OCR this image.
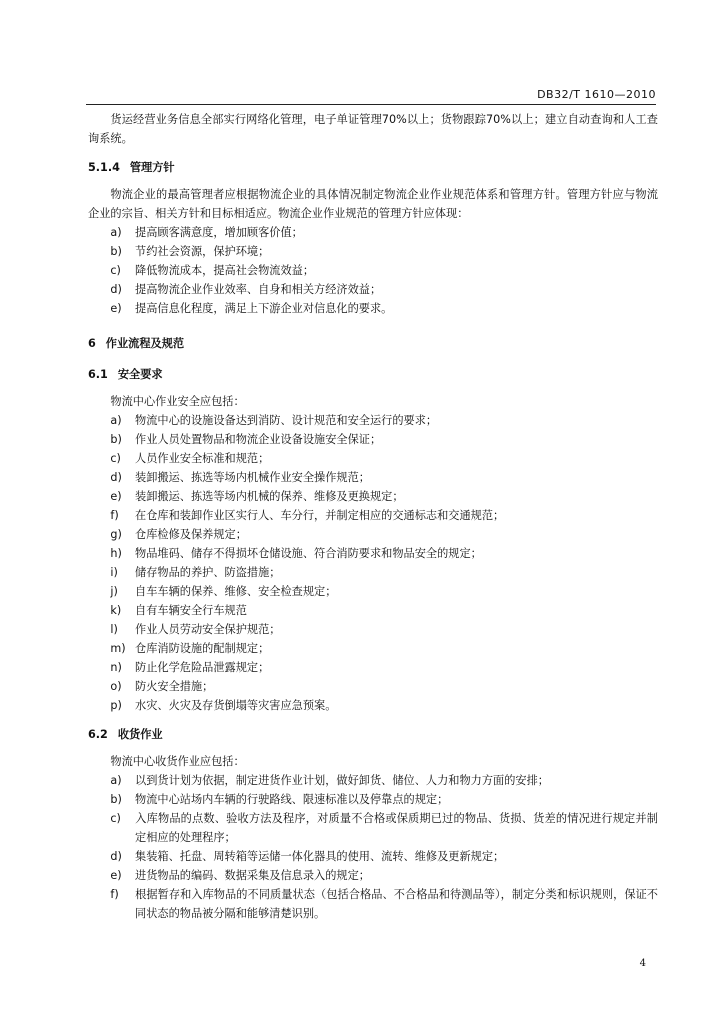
DB32/T 1610—2010

货运经营业务信息全部实行网络化管理，电子单证管理70%以上；货物跟踪70%以上；建立自动查询和人工查询系统。

5.1.4 管理方针

物流企业的最高管理者应根据物流企业的具体情况制定物流企业作业规范体系和管理方针。管理方针应与物流企业的宗旨、相关方针和目标相适应。物流企业作业规范的管理方针应体现：

a) 提高顾客满意度，增加顾客价值；
b) 节约社会资源，保护环境；
c) 降低物流成本，提高社会物流效益；
d) 提高物流企业作业效率、自身和相关方经济效益；
e) 提高信息化程度，满足上下游企业对信息化的要求。
6 作业流程及规范
6.1 安全要求

物流中心作业安全应包括：

a) 物流中心的设施设备达到消防、设计规范和安全运行的要求；
b) 作业人员处置物品和物流企业设备设施安全保证；
c) 人员作业安全标准和规范；
d) 装卸搬运、拣选等场内机械作业安全操作规范；
e) 装卸搬运、拣选等场内机械的保养、维修及更换规定；
f) 在仓库和装卸作业区实行人、车分行，并制定相应的交通标志和交通规范；
g) 仓库检修及保养规定；
h) 物品堆码、储存不得损坏仓储设施、符合消防要求和物品安全的规定；
i) 储存物品的养护、防盗措施；
j) 自车车辆的保养、维修、安全检查规定；
k) 自有车辆安全行车规范
l) 作业人员劳动安全保护规范；
m) 仓库消防设施的配制规定；
n) 防止化学危险品泄露规定；
o) 防火安全措施；
p) 水灾、火灾及存货倒塌等灾害应急预案。
6.2 收货作业

物流中心收货作业应包括：

a) 以到货计划为依据，制定进货作业计划，做好卸货、储位、人力和物力方面的安排；
b) 物流中心站场内车辆的行驶路线、限速标准以及停靠点的规定；
c) 入库物品的点数、验收方法及程序，对质量不合格或保质期已过的物品、货损、货差的情况进行规定并制定相应的处理程序；
d) 集装箱、托盘、周转箱等运储一体化器具的使用、流转、维修及更新规定；
e) 进货物品的编码、数据采集及信息录入的规定；
f) 根据暂存和入库物品的不同质量状态（包括合格品、不合格品和待测品等），制定分类和标识规则，保证不同状态的物品被分隔和能够清楚识别。
4
